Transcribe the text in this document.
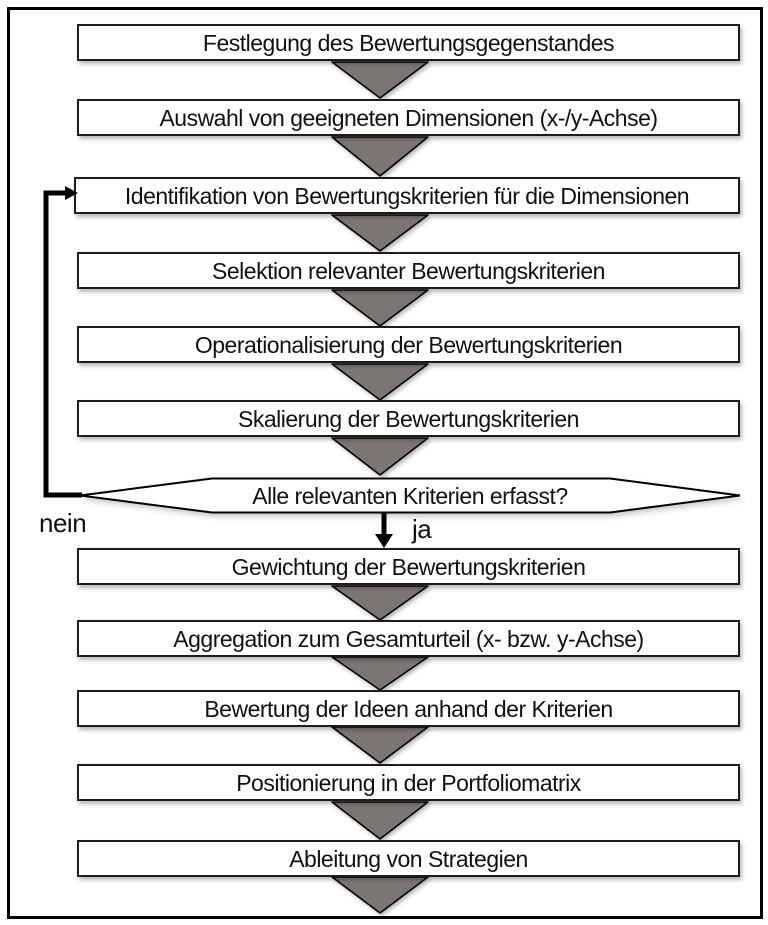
Festlegung des Bewertungsgegenstandes
Auswahl von geeigneten Dimensionen (x-/y-Achse)
Identifikation von Bewertungskriterien für die Dimensionen
Selektion relevanter Bewertungskriterien
Operationalisierung der Bewertungskriterien
Skalierung der Bewertungskriterien
Gewichtung der Bewertungskriterien
Aggregation zum Gesamturteil (x- bzw. y-Achse)
Bewertung der Ideen anhand der Kriterien
Positionierung in der Portfoliomatrix
Ableitung von Strategien
Alle relevanten Kriterien erfasst?
nein	ja
